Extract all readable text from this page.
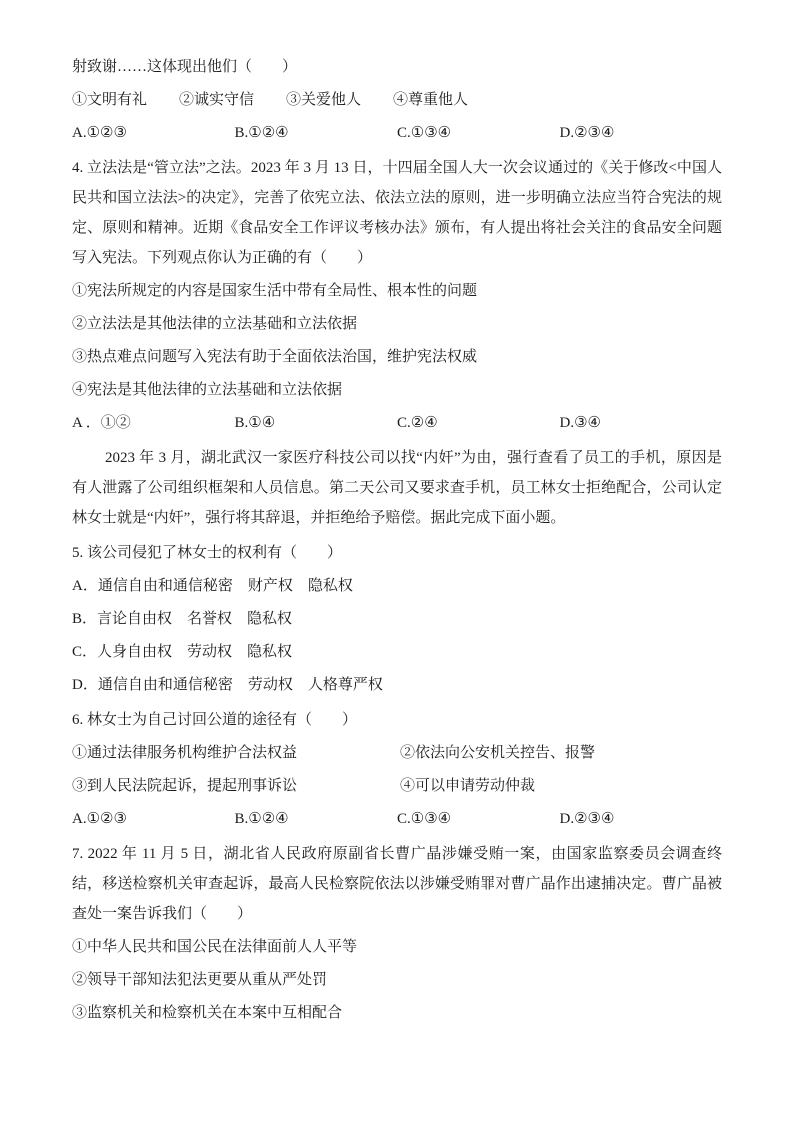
射致谢……这体现出他们（　　）

①文明有礼 ②诚实守信 ③关爱他人 ④尊重他人
A.①②③	B.①②④	C.①③④	D.②③④

4. 立法法是“管立法”之法。2023 年 3 月 13 日，十四届全国人大一次会议通过的《关于修改<中国人民共和国立法法>的决定》，完善了依宪立法、依法立法的原则，进一步明确立法应当符合宪法的规定、原则和精神。近期《食品安全工作评议考核办法》颁布，有人提出将社会关注的食品安全问题写入宪法。下列观点你认为正确的有（　　）

①宪法所规定的内容是国家生活中带有全局性、根本性的问题

②立法法是其他法律的立法基础和立法依据

③热点难点问题写入宪法有助于全面依法治国，维护宪法权威

④宪法是其他法律的立法基础和立法依据

A ．①②	B.①④	C.②④	D.③④

2023 年 3 月，湖北武汉一家医疗科技公司以找“内奸”为由，强行查看了员工的手机，原因是有人泄露了公司组织框架和人员信息。第二天公司又要求查手机，员工林女士拒绝配合，公司认定林女士就是“内奸”，强行将其辞退，并拒绝给予赔偿。据此完成下面小题。

5. 该公司侵犯了林女士的权利有（　　）

A．通信自由和通信秘密　财产权　隐私权

B．言论自由权　名誉权　隐私权

C．人身自由权　劳动权　隐私权

D．通信自由和通信秘密　劳动权　人格尊严权

6. 林女士为自己讨回公道的途径有（　　）

①通过法律服务机构维护合法权益	②依法向公安机关控告、报警
③到人民法院起诉，提起刑事诉讼	④可以申请劳动仲裁
A.①②③	B.①②④	C.①③④	D.②③④

7. 2022 年 11 月 5 日，湖北省人民政府原副省长曹广晶涉嫌受贿一案，由国家监察委员会调查终结，移送检察机关审查起诉，最高人民检察院依法以涉嫌受贿罪对曹广晶作出逮捕决定。曹广晶被查处一案告诉我们（　　）

①中华人民共和国公民在法律面前人人平等

②领导干部知法犯法更要从重从严处罚

③监察机关和检察机关在本案中互相配合
